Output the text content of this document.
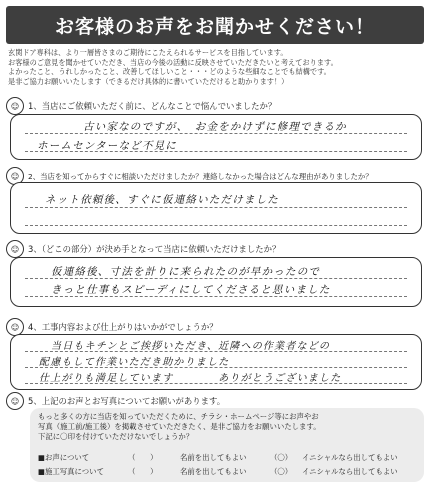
お客様のお声をお聞かせください！
玄関ドア専科は、より一層皆さまのご期待にこたえられるサービスを目指しています。
お客様のご意見を聞かせていただき、当店の今後の活動に反映させていただきたいと考えております。
よかったこと、うれしかったこと、改善してほしいこと・・・どのような些細なことでも結構です。
是非ご協力お願いいたします（できるだけ具体的に書いていただけると助かります！）
☺	1、当店にご依頼いただく前に、どんなことで悩んでいましたか？
古い家なのですが、　お金をかけずに修理できるか
ホームセンターなど不見に
☺	2、当店を知ってからすぐに相談いただけましたか？連絡しなかった場合はどんな理由がありましたか？
ネット依頼後、すぐに仮連絡いただけました
☺	3、（どこの部分）が決め手となって当店に依頼いただけましたか？
仮連絡後、寸法を計りに来られたのが早かったので
きっと仕事もスピーディにしてくださると思いました
☺	4、工事内容および仕上がりはいかがでしょうか？
当日もキチンとご挨拶いただき、近隣への作業者などの
配慮もして作業いただき助かりました
仕上がりも満足しています　　　　ありがとうございました
☺	5、上記のお声とお写真についてお願いがあります。
もっと多くの方に当店を知っていただくために、チラシ・ホームページ等にお声やお
写真（施工前/施工後）を掲載させていただきたく、是非ご協力をお願いいたします。
下記に〇印を付けていただけないでしょうか？
■お声について	（　　）	名前を出してもよい	（〇） イニシャルなら出してもよい
■施工写真について	（　　）	名前を出してもよい	（〇） イニシャルなら出してもよい
